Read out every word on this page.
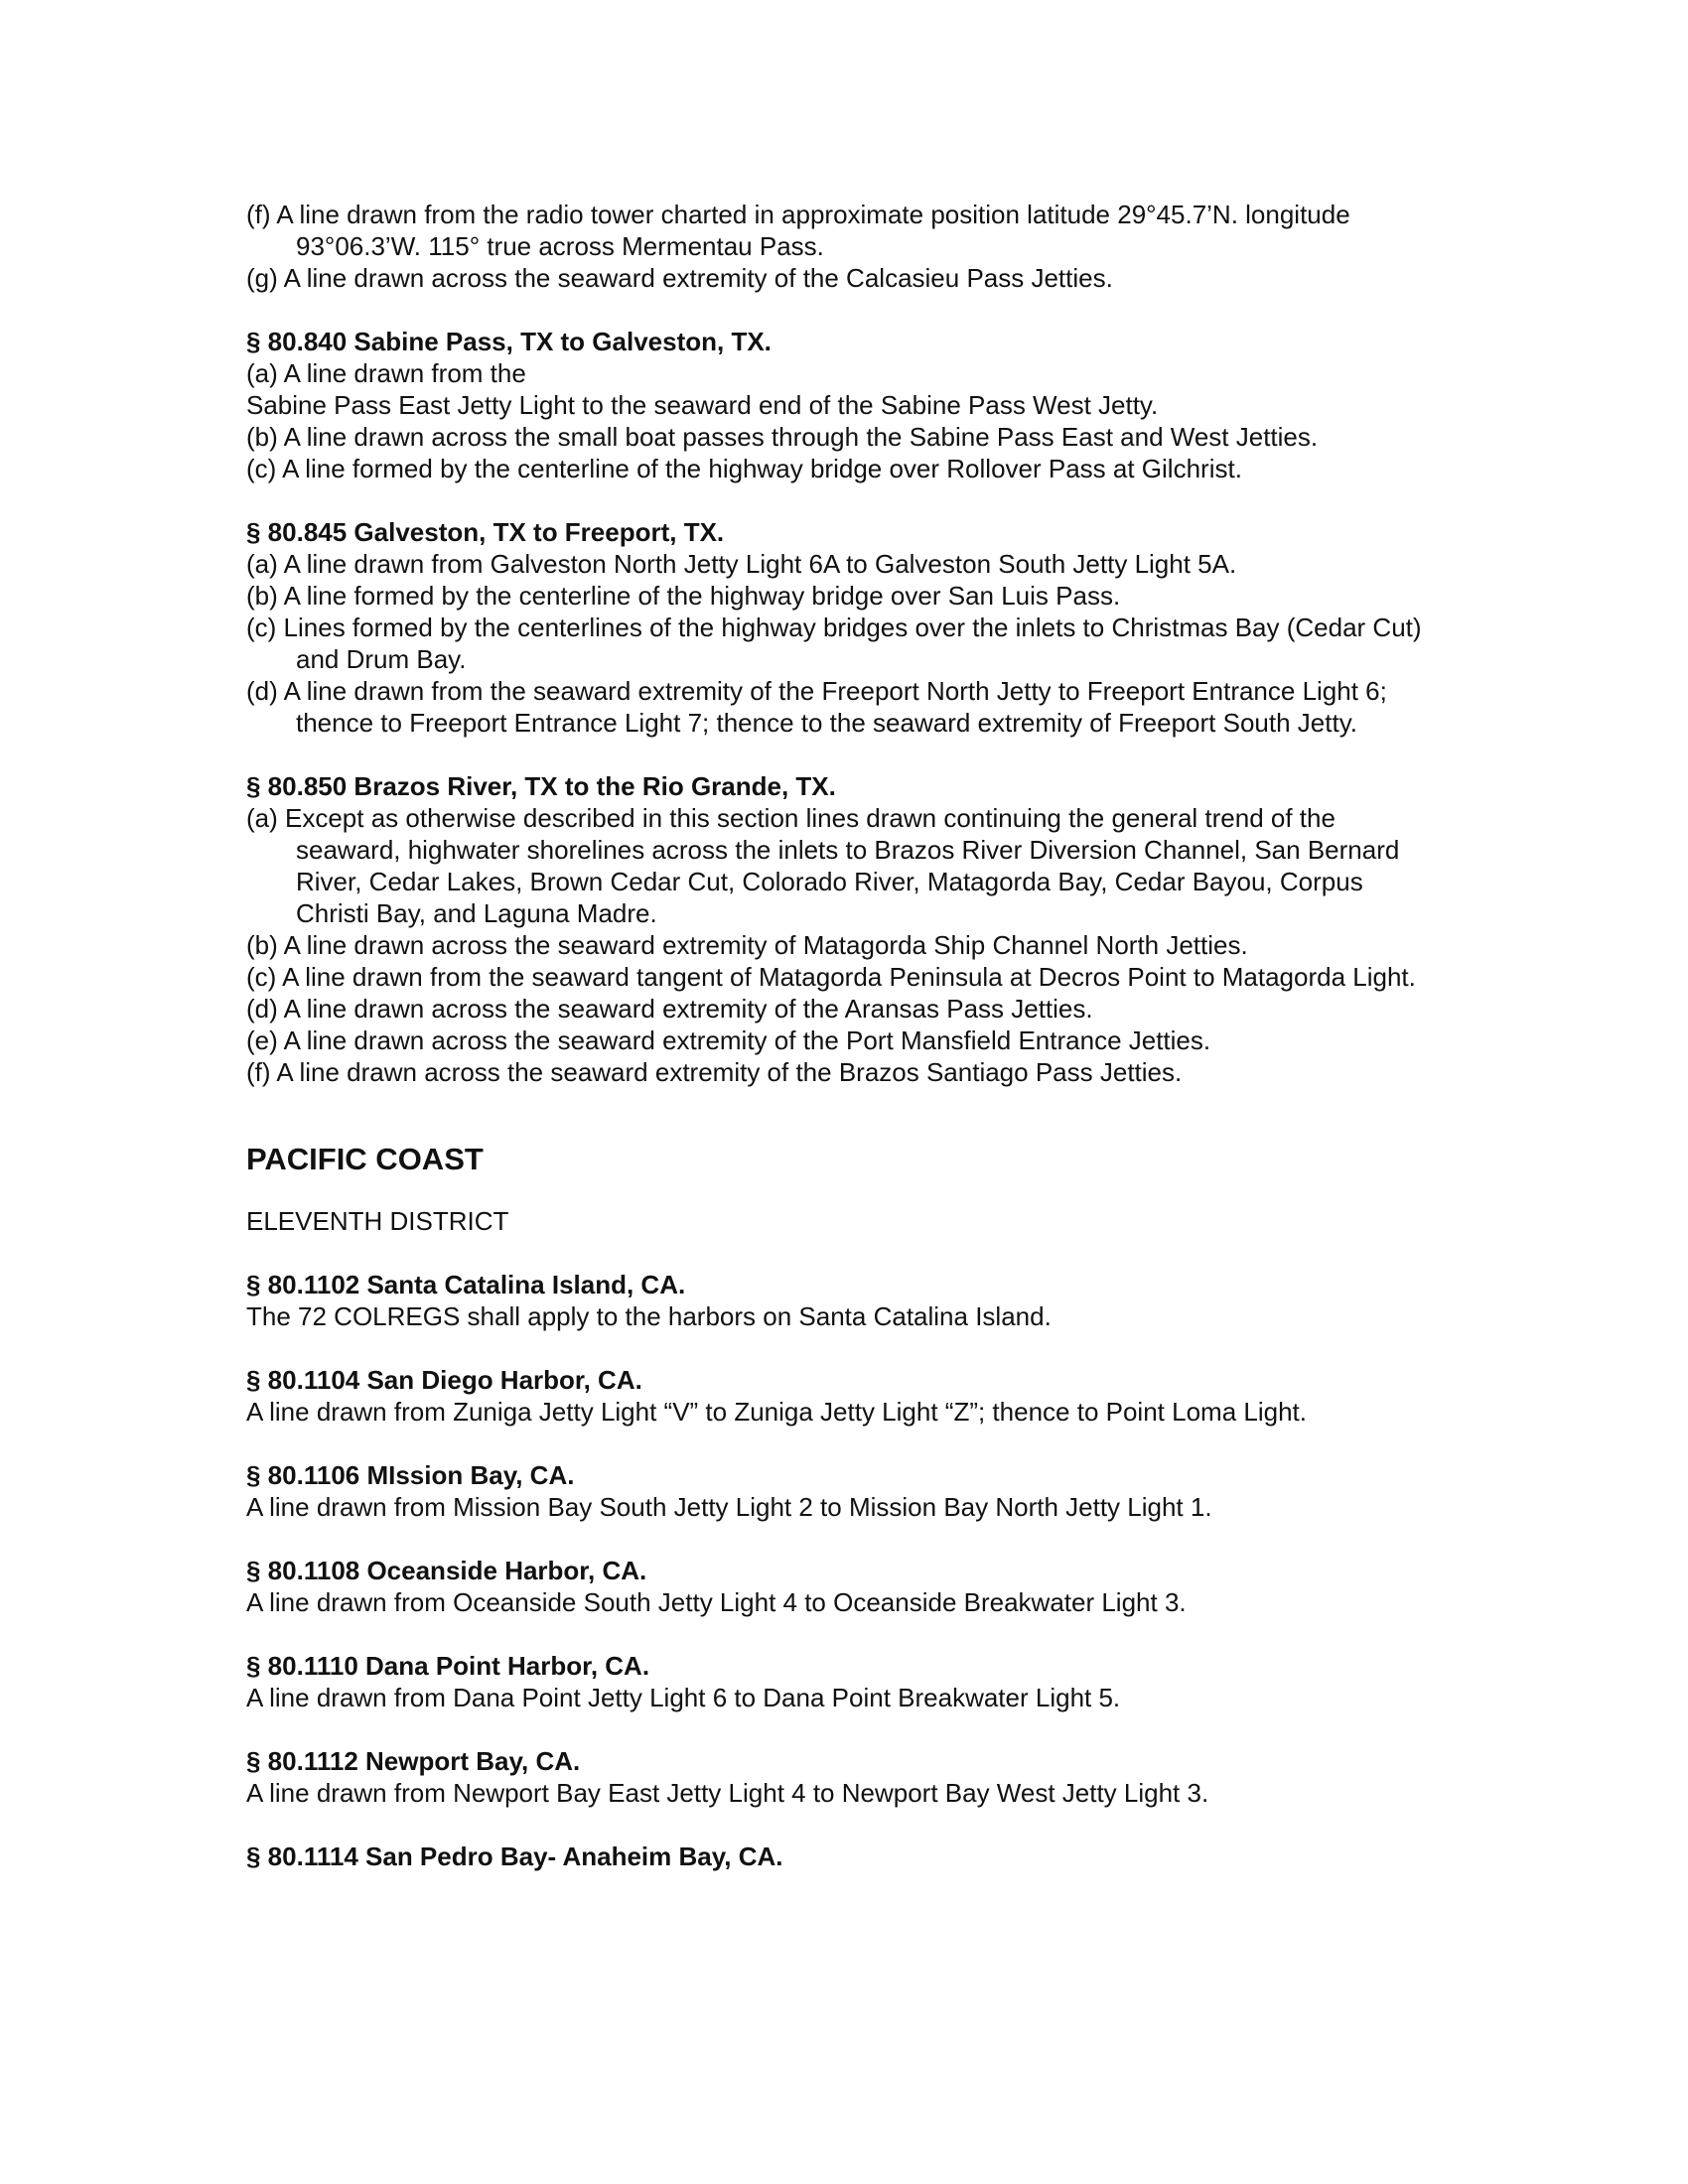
(f) A line drawn from the radio tower charted in approximate position latitude 29°45.7’N. longitude 93°06.3’W. 115° true across Mermentau Pass.

(g) A line drawn across the seaward extremity of the Calcasieu Pass Jetties.

§ 80.840 Sabine Pass, TX to Galveston, TX.

(a) A line drawn from the

Sabine Pass East Jetty Light to the seaward end of the Sabine Pass West Jetty.

(b) A line drawn across the small boat passes through the Sabine Pass East and West Jetties.

(c) A line formed by the centerline of the highway bridge over Rollover Pass at Gilchrist.

§ 80.845 Galveston, TX to Freeport, TX.

(a) A line drawn from Galveston North Jetty Light 6A to Galveston South Jetty Light 5A.

(b) A line formed by the centerline of the highway bridge over San Luis Pass.

(c) Lines formed by the centerlines of the highway bridges over the inlets to Christmas Bay (Cedar Cut) and Drum Bay.

(d) A line drawn from the seaward extremity of the Freeport North Jetty to Freeport Entrance Light 6; thence to Freeport Entrance Light 7; thence to the seaward extremity of Freeport South Jetty.

§ 80.850 Brazos River, TX to the Rio Grande, TX.

(a) Except as otherwise described in this section lines drawn continuing the general trend of the seaward, highwater shorelines across the inlets to Brazos River Diversion Channel, San Bernard River, Cedar Lakes, Brown Cedar Cut, Colorado River, Matagorda Bay, Cedar Bayou, Corpus Christi Bay, and Laguna Madre.

(b) A line drawn across the seaward extremity of Matagorda Ship Channel North Jetties.

(c) A line drawn from the seaward tangent of Matagorda Peninsula at Decros Point to Matagorda Light.

(d) A line drawn across the seaward extremity of the Aransas Pass Jetties.

(e) A line drawn across the seaward extremity of the Port Mansfield Entrance Jetties.

(f) A line drawn across the seaward extremity of the Brazos Santiago Pass Jetties.

PACIFIC COAST

ELEVENTH DISTRICT

§ 80.1102 Santa Catalina Island, CA.

The 72 COLREGS shall apply to the harbors on Santa Catalina Island.

§ 80.1104 San Diego Harbor, CA.

A line drawn from Zuniga Jetty Light “V” to Zuniga Jetty Light “Z”; thence to Point Loma Light.

§ 80.1106 MIssion Bay, CA.

A line drawn from Mission Bay South Jetty Light 2 to Mission Bay North Jetty Light 1.

§ 80.1108 Oceanside Harbor, CA.

A line drawn from Oceanside South Jetty Light 4 to Oceanside Breakwater Light 3.

§ 80.1110 Dana Point Harbor, CA.

A line drawn from Dana Point Jetty Light 6 to Dana Point Breakwater Light 5.

§ 80.1112 Newport Bay, CA.

A line drawn from Newport Bay East Jetty Light 4 to Newport Bay West Jetty Light 3.

§ 80.1114 San Pedro Bay- Anaheim Bay, CA.
